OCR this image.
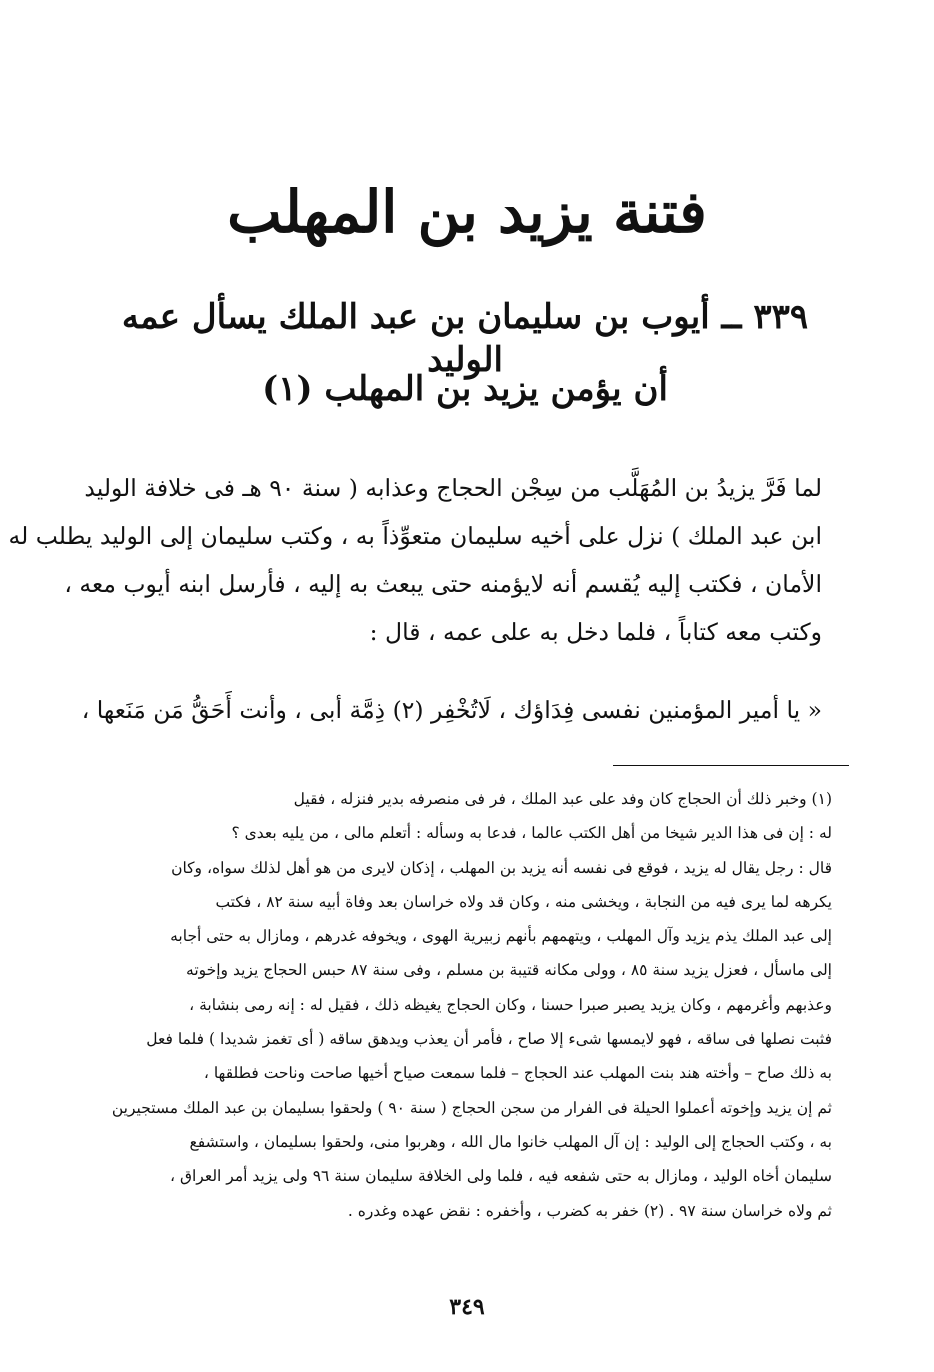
فتنة يزيد بن المهلب
٣٣٩ ــ أيوب بن سليمان بن عبد الملك يسأل عمه الوليد
أن يؤمن يزيد بن المهلب (١)
لما فَرَّ يزيدُ بن المُهَلَّب من سِجْن الحجاج وعذابه ( سنة ٩٠ هـ فى خلافة الوليد
ابن عبد الملك ) نزل على أخيه سليمان متعوِّذاً به ، وكتب سليمان إلى الوليد يطلب له
الأمان ، فكتب إليه يُقسم أنه لايؤمنه حتى يبعث به إليه ، فأرسل ابنه أيوب معه ،
وكتب معه كتاباً ، فلما دخل به على عمه ، قال :

« يا أمير المؤمنين نفسى فِدَاؤك ، لَاتُخْفِر (٢) ذِمَّة أبى ، وأنت أَحَقُّ مَن مَنَعها ،

(١) وخبر ذلك أن الحجاج كان وفد على عبد الملك ، فر فى منصرفه بدير فنزله ، فقيل
له : إن فى هذا الدير شيخا من أهل الكتب عالما ، فدعا به وسأله : أتعلم مالى ، من يليه بعدى ؟
قال : رجل يقال له يزيد ، فوقع فى نفسه أنه يزيد بن المهلب ، إذكان لايرى من هو أهل لذلك سواه، وكان
يكرهه لما يرى فيه من النجابة ، ويخشى منه ، وكان قد ولاه خراسان بعد وفاة أبيه سنة ٨٢ ، فكتب
إلى عبد الملك يذم يزيد وآل المهلب ، ويتهمهم بأنهم زبيرية الهوى ، ويخوفه غدرهم ، ومازال به حتى أجابه
إلى ماسأل ، فعزل يزيد سنة ٨٥ ، وولى مكانه قتيبة بن مسلم ، وفى سنة ٨٧ حبس الحجاج يزيد وإخوته
وعذبهم وأغرمهم ، وكان يزيد يصبر صبرا حسنا ، وكان الحجاج يغيظه ذلك ، فقيل له : إنه رمى بنشابة ،
فثبت نصلها فى ساقه ، فهو لايمسها شىء إلا صاح ، فأمر أن يعذب ويدهق ساقه ( أى تغمز شديدا ) فلما فعل
به ذلك صاح – وأخته هند بنت المهلب عند الحجاج – فلما سمعت صياح أخيها صاحت وناحت فطلقها ،
ثم إن يزيد وإخوته أعملوا الحيلة فى الفرار من سجن الحجاج ( سنة ٩٠ ) ولحقوا بسليمان بن عبد الملك مستجيرين
به ، وكتب الحجاج إلى الوليد : إن آل المهلب خانوا مال الله ، وهربوا منى، ولحقوا بسليمان ، واستشفع
سليمان أخاه الوليد ، ومازال به حتى شفعه فيه ، فلما ولى الخلافة سليمان سنة ٩٦ ولى يزيد أمر العراق ،
ثم ولاه خراسان سنة ٩٧ . (٢) خفر به كضرب ، وأخفره : نقض عهده وغدره .
٣٤٩
